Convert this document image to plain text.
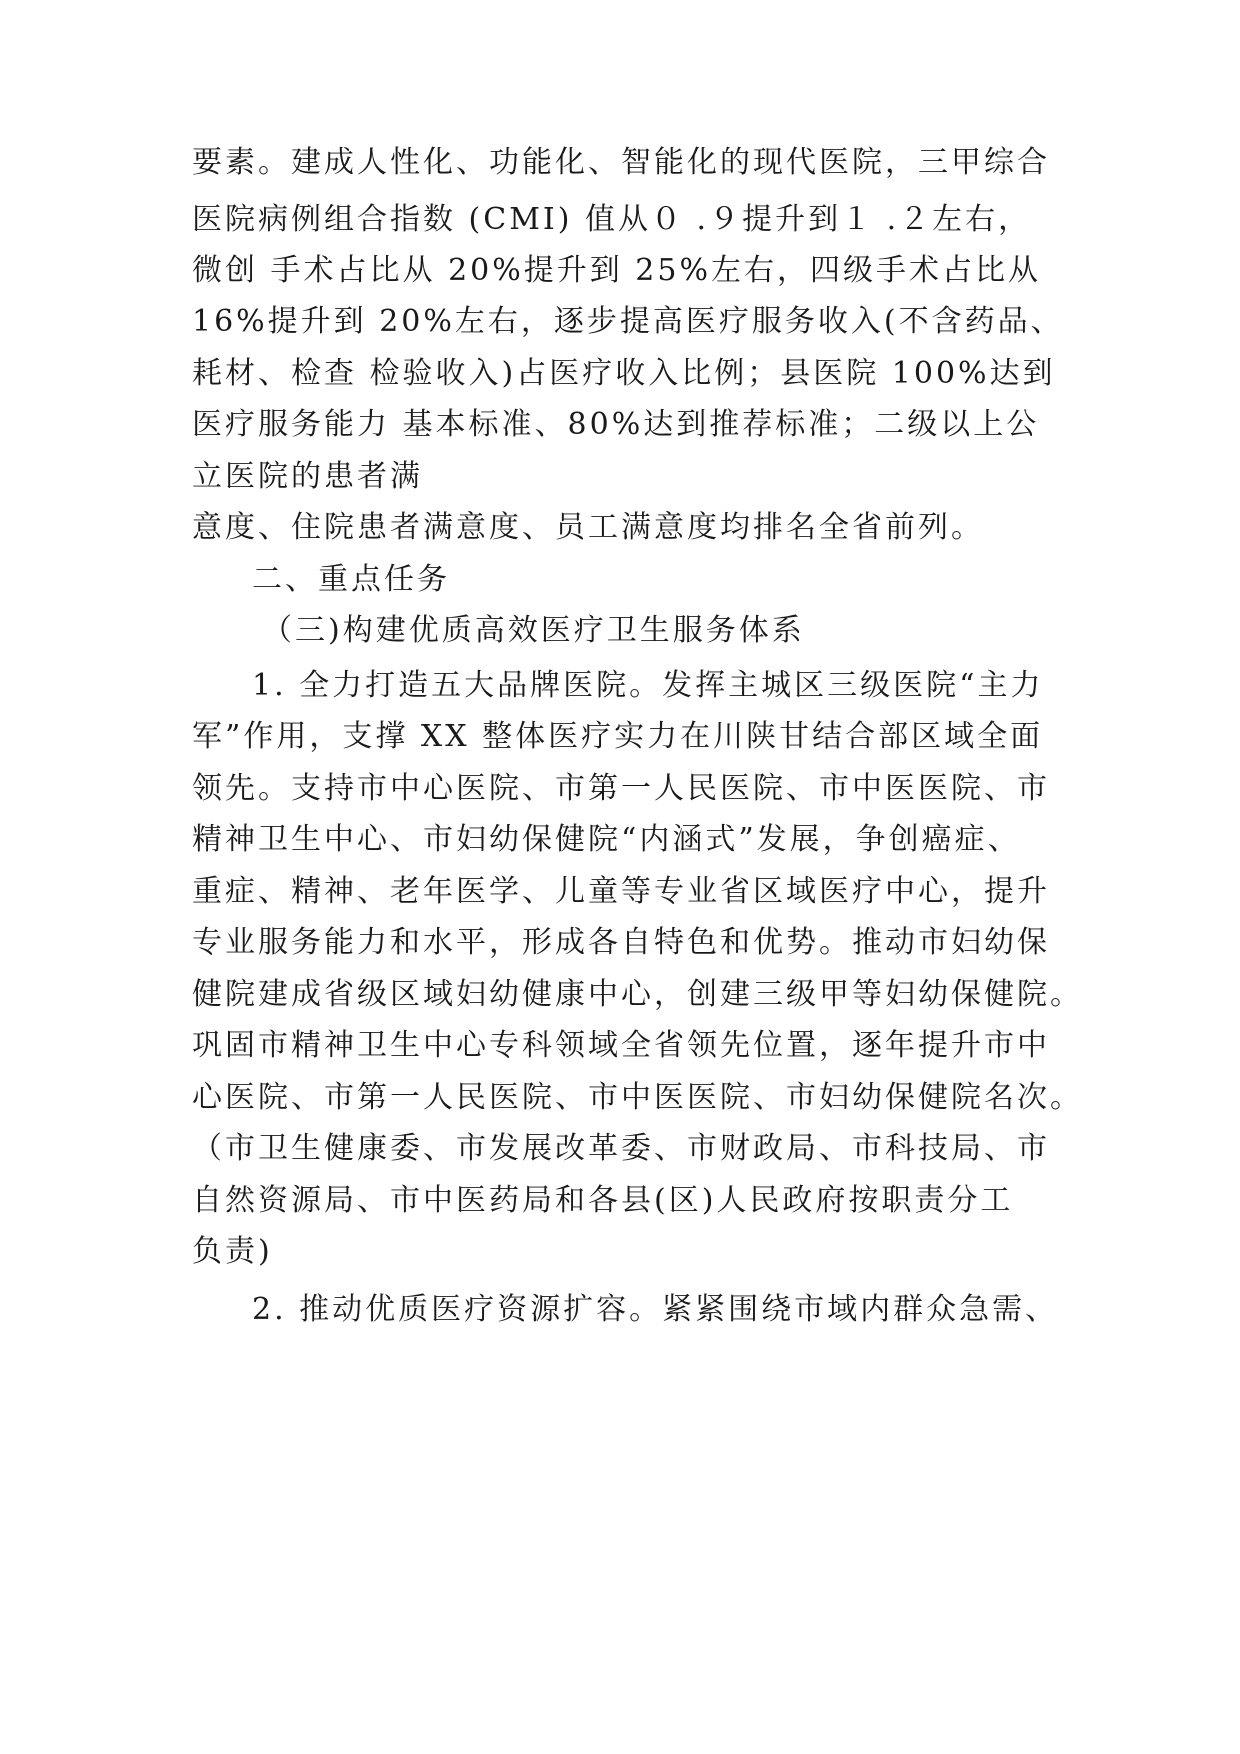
要素。建成人性化、功能化、智能化的现代医院，三甲综合

医院病例组合指数 (CMI) 值从０ .９提升到１ .２左右，

微创 手术占比从 20%提升到 25%左右，四级手术占比从

16%提升到 20%左右，逐步提高医疗服务收入(不含药品、

耗材、检查 检验收入)占医疗收入比例；县医院 100%达到

医疗服务能力 基本标准、80%达到推荐标准；二级以上公

立医院的患者满

意度、住院患者满意度、员工满意度均排名全省前列。

二、重点任务

（三)构建优质高效医疗卫生服务体系

1. 全力打造五大品牌医院。发挥主城区三级医院“主力

军”作用，支撑 XX 整体医疗实力在川陕甘结合部区域全面

领先。支持市中心医院、市第一人民医院、市中医医院、市

精神卫生中心、市妇幼保健院“内涵式”发展，争创癌症、

重症、精神、老年医学、儿童等专业省区域医疗中心，提升

专业服务能力和水平，形成各自特色和优势。推动市妇幼保

健院建成省级区域妇幼健康中心，创建三级甲等妇幼保健院。

巩固市精神卫生中心专科领域全省领先位置，逐年提升市中

心医院、市第一人民医院、市中医医院、市妇幼保健院名次。

（市卫生健康委、市发展改革委、市财政局、市科技局、市

自然资源局、市中医药局和各县(区)人民政府按职责分工

负责)

2. 推动优质医疗资源扩容。紧紧围绕市域内群众急需、
